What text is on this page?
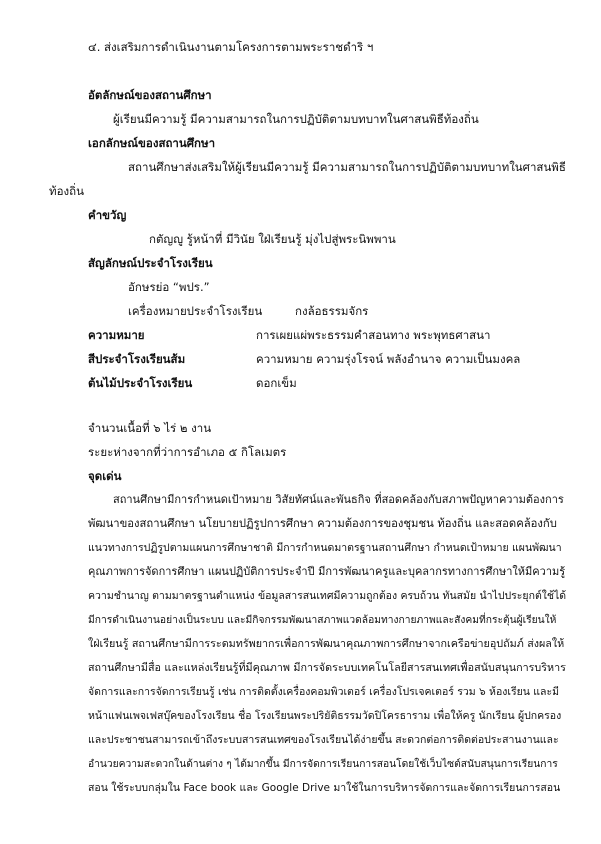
๔. ส่งเสริมการดำเนินงานตามโครงการตามพระราชดำริ ฯ
อัตลักษณ์ของสถานศึกษา
ผู้เรียนมีความรู้ มีความสามารถในการปฏิบัติตามบทบาทในศาสนพิธีท้องถิ่น
เอกลักษณ์ของสถานศึกษา
สถานศึกษาส่งเสริมให้ผู้เรียนมีความรู้ มีความสามารถในการปฏิบัติตามบทบาทในศาสนพิธี
ท้องถิ่น
คำขวัญ
กตัญญู รู้หน้าที่ มีวินัย ใฝ่เรียนรู้ มุ่งไปสู่พระนิพพาน
สัญลักษณ์ประจำโรงเรียน
อักษรย่อ “พปร.”
เครื่องหมายประจำโรงเรียน	กงล้อธรรมจักร
ความหมาย	การเผยแผ่พระธรรมคำสอนทาง พระพุทธศาสนา
สีประจำโรงเรียนส้ม	ความหมาย ความรุ่งโรจน์ พลังอำนาจ ความเป็นมงคล
ต้นไม้ประจำโรงเรียน	ดอกเข็ม
จำนวนเนื้อที่ ๖ ไร่ ๒ งาน
ระยะห่างจากที่ว่าการอำเภอ ๕ กิโลเมตร
จุดเด่น
สถานศึกษามีการกำหนดเป้าหมาย วิสัยทัศน์และพันธกิจ ที่สอดคล้องกับสภาพปัญหาความต้องการ
พัฒนาของสถานศึกษา นโยบายปฏิรูปการศึกษา ความต้องการของชุมชน ท้องถิ่น และสอดคล้องกับ
แนวทางการปฏิรูปตามแผนการศึกษาชาติ มีการกำหนดมาตรฐานสถานศึกษา กำหนดเป้าหมาย แผนพัฒนา
คุณภาพการจัดการศึกษา แผนปฏิบัติการประจำปี มีการพัฒนาครูและบุคลากรทางการศึกษาให้มีความรู้
ความชำนาญ ตามมาตรฐานตำแหน่ง ข้อมูลสารสนเทศมีความถูกต้อง ครบถ้วน ทันสมัย นำไปประยุกต์ใช้ได้
มีการดำเนินงานอย่างเป็นระบบ และมีกิจกรรมพัฒนาสภาพแวดล้อมทางกายภาพและสังคมที่กระตุ้นผู้เรียนให้
ใฝ่เรียนรู้ สถานศึกษามีการระดมทรัพยากรเพื่อการพัฒนาคุณภาพการศึกษาจากเครือข่ายอุปถัมภ์ ส่งผลให้
สถานศึกษามีสื่อ และแหล่งเรียนรู้ที่มีคุณภาพ มีการจัดระบบเทคโนโลยีสารสนเทศเพื่อสนับสนุนการบริหาร
จัดการและการจัดการเรียนรู้ เช่น การติดตั้งเครื่องคอมพิวเตอร์ เครื่องโปรเจคเตอร์ รวม ๖ ห้องเรียน และมี
หน้าแฟนเพจเฟสบุ๊คของโรงเรียน ชื่อ โรงเรียนพระปริยัติธรรมวัดปิโครธาราม เพื่อให้ครู นักเรียน ผู้ปกครอง
และประชาชนสามารถเข้าถึงระบบสารสนเทศของโรงเรียนได้ง่ายขึ้น สะดวกต่อการติดต่อประสานงานและ
อำนวยความสะดวกในด้านต่าง ๆ ได้มากขึ้น มีการจัดการเรียนการสอนโดยใช้เว็บไซต์สนับสนุนการเรียนการ
สอน ใช้ระบบกลุ่มใน Face book และ Google Drive มาใช้ในการบริหารจัดการและจัดการเรียนการสอน
